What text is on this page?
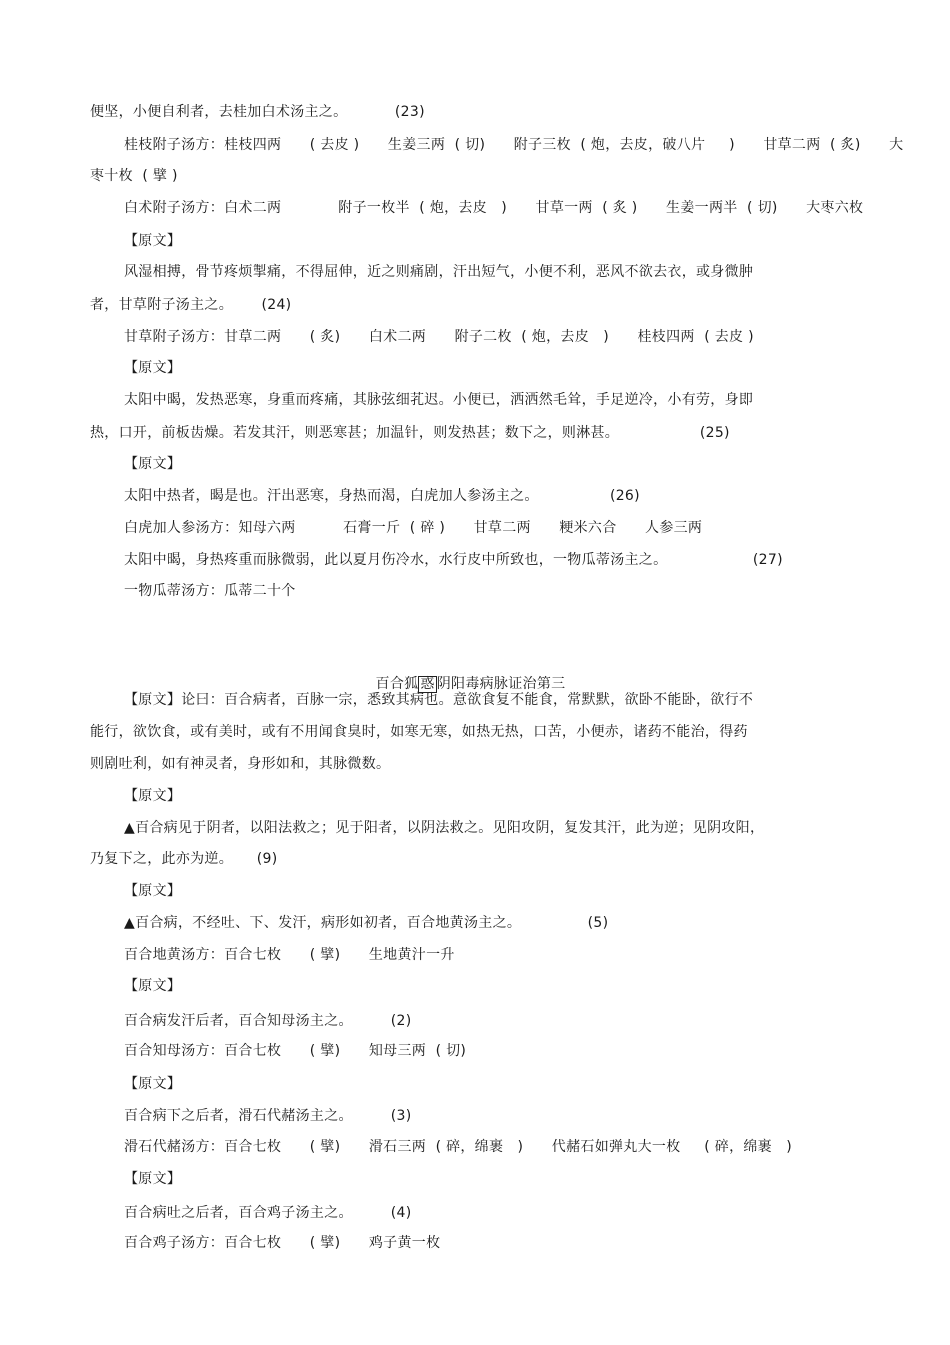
便坚，小便自利者，去桂加白术汤主之。          (23)
桂枝附子汤方：桂枝四两      ( 去皮 )      生姜三两  ( 切)      附子三枚  ( 炮，去皮，破八片     )      甘草二两  ( 炙)      大
枣十枚  ( 擘 )
白术附子汤方：白术二两            附子一枚半  ( 炮，去皮   )      甘草一两  ( 炙 )      生姜一两半  ( 切)      大枣六枚
【原文】
风湿相搏，骨节疼烦掣痛，不得屈伸，近之则痛剧，汗出短气，小便不利，恶风不欲去衣，或身微肿
者，甘草附子汤主之。      (24)
甘草附子汤方：甘草二两      ( 炙)      白术二两      附子二枚  ( 炮，去皮   )      桂枝四两  ( 去皮 )
【原文】
太阳中暍，发热恶寒，身重而疼痛，其脉弦细芤迟。小便已，洒洒然毛耸，手足逆冷，小有劳，身即
热，口开，前板齿燥。若发其汗，则恶寒甚；加温针，则发热甚；数下之，则淋甚。                 (25)
【原文】
太阳中热者，暍是也。汗出恶寒，身热而渴，白虎加人参汤主之。               (26)
白虎加人参汤方：知母六两          石膏一斤  ( 碎 )      甘草二两      粳米六合      人参三两
太阳中暍，身热疼重而脉微弱，此以夏月伤冷水，水行皮中所致也，一物瓜蒂汤主之。                  (27)
一物瓜蒂汤方：瓜蒂二十个
【原文】论曰：百合病者，百脉一宗，悉致其病也。意欲食复不能食，常默默，欲卧不能卧，欲行不
能行，欲饮食，或有美时，或有不用闻食臭时，如寒无寒，如热无热，口苦，小便赤，诸药不能治，得药
则剧吐利，如有神灵者，身形如和，其脉微数。
【原文】
▲百合病见于阴者，以阳法救之；见于阳者，以阴法救之。见阳攻阴，复发其汗，此为逆；见阴攻阳，
乃复下之，此亦为逆。     (9)
【原文】
▲百合病，不经吐、下、发汗，病形如初者，百合地黄汤主之。              (5)
百合地黄汤方：百合七枚      ( 擘)      生地黄汁一升
【原文】
百合病发汗后者，百合知母汤主之。        (2)
百合知母汤方：百合七枚      ( 擘)      知母三两  ( 切)
【原文】
百合病下之后者，滑石代赭汤主之。        (3)
滑石代赭汤方：百合七枚      ( 擘)      滑石三两  ( 碎，绵裹   )      代赭石如弹丸大一枚     ( 碎，绵裹   )
【原文】
百合病吐之后者，百合鸡子汤主之。        (4)
百合鸡子汤方：百合七枚      ( 擘)      鸡子黄一枚

百合狐 惑 阴阳毒病脉证治第三
